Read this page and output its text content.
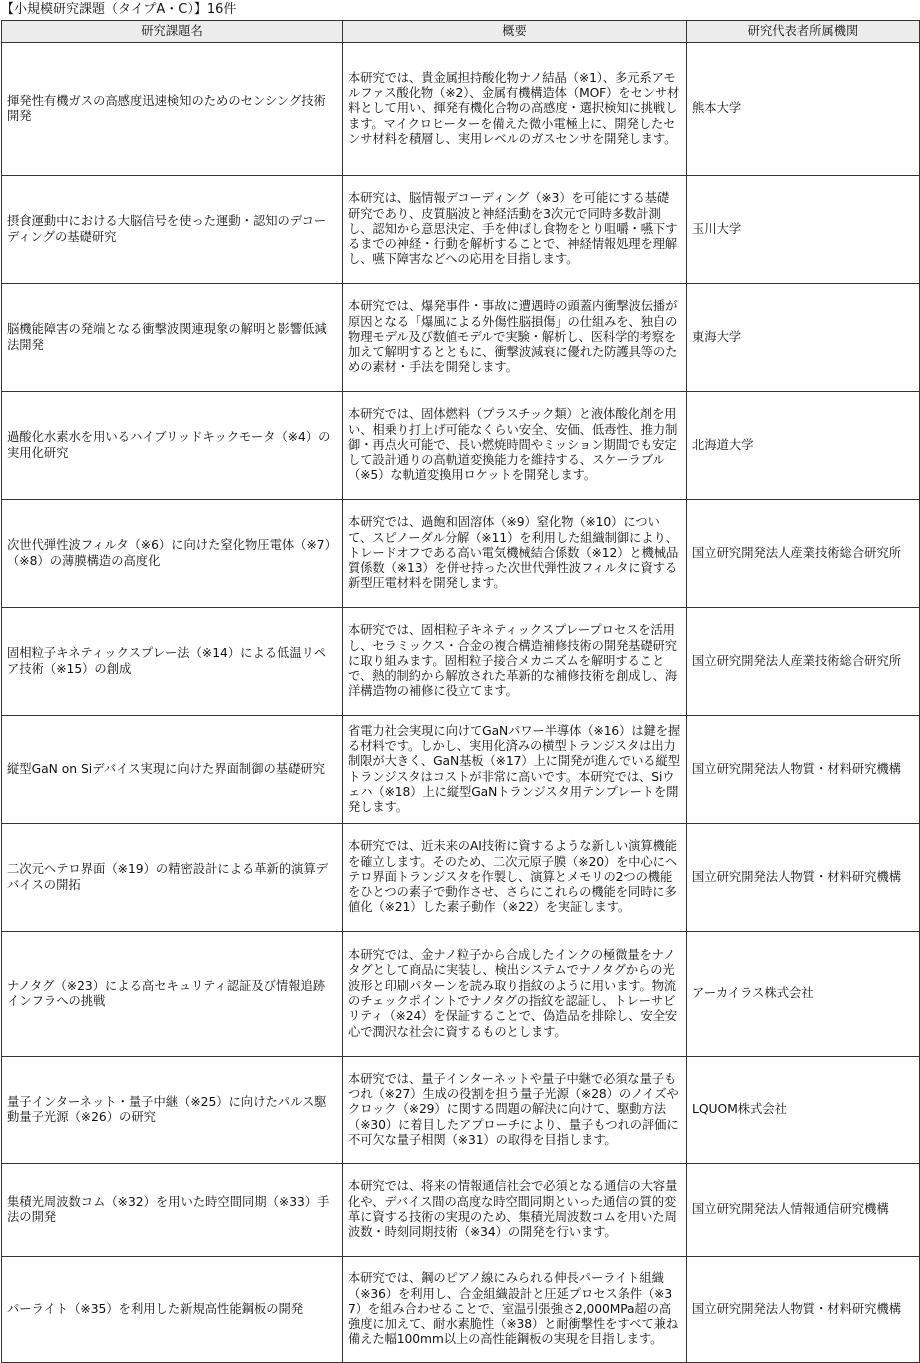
【小規模研究課題（タイプA・C）】16件
研究課題名	概要	研究代表者所属機関
揮発性有機ガスの高感度迅速検知のためのセンシング技術開発	本研究では、貴金属担持酸化物ナノ結晶（※1）、多元系アモルファス酸化物（※2）、金属有機構造体（MOF）をセンサ材料として用い、揮発有機化合物の高感度・選択検知に挑戦します。マイクロヒーターを備えた微小電極上に、開発したセンサ材料を積層し、実用レベルのガスセンサを開発します。	熊本大学
摂食運動中における大脳信号を使った運動・認知のデコーディングの基礎研究	本研究は、脳情報デコーディング（※3）を可能にする基礎研究であり、皮質脳波と神経活動を3次元で同時多数計測し、認知から意思決定、手を伸ばし食物をとり咀嚼・嚥下するまでの神経・行動を解析することで、神経情報処理を理解し、嚥下障害などへの応用を目指します。	玉川大学
脳機能障害の発端となる衝撃波関連現象の解明と影響低減法開発	本研究では、爆発事件・事故に遭遇時の頭蓋内衝撃波伝播が原因となる「爆風による外傷性脳損傷」の仕組みを、独自の物理モデル及び数値モデルで実験・解析し、医科学的考察を加えて解明するとともに、衝撃波減衰に優れた防護具等のための素材・手法を開発します。	東海大学
過酸化水素水を用いるハイブリッドキックモータ（※4）の実用化研究	本研究では、固体燃料（プラスチック類）と液体酸化剤を用い、相乗り打上げ可能なくらい安全、安価、低毒性、推力制御・再点火可能で、長い燃焼時間やミッション期間でも安定して設計通りの高軌道変換能力を維持する、スケーラブル（※5）な軌道変換用ロケットを開発します。	北海道大学
次世代弾性波フィルタ（※6）に向けた窒化物圧電体（※7）（※8）の薄膜構造の高度化	本研究では、過飽和固溶体（※9）窒化物（※10）について、スピノーダル分解（※11）を利用した組織制御により、トレードオフである高い電気機械結合係数（※12）と機械品質係数（※13）を併せ持った次世代弾性波フィルタに資する新型圧電材料を開発します。	国立研究開発法人産業技術総合研究所
固相粒子キネティックスプレー法（※14）による低温リペア技術（※15）の創成	本研究では、固相粒子キネティックスプレープロセスを活用し、セラミックス・合金の複合構造補修技術の開発基礎研究に取り組みます。固相粒子接合メカニズムを解明することで、熱的制約から解放された革新的な補修技術を創成し、海洋構造物の補修に役立てます。	国立研究開発法人産業技術総合研究所
縦型GaN on Siデバイス実現に向けた界面制御の基礎研究	省電力社会実現に向けてGaNパワー半導体（※16）は鍵を握る材料です。しかし、実用化済みの横型トランジスタは出力制限が大きく、GaN基板（※17）上に開発が進んでいる縦型トランジスタはコストが非常に高いです。本研究では、Siウェハ（※18）上に縦型GaNトランジスタ用テンプレートを開発します。	国立研究開発法人物質・材料研究機構
二次元ヘテロ界面（※19）の精密設計による革新的演算デバイスの開拓	本研究では、近未来のAI技術に資するような新しい演算機能を確立します。そのため、二次元原子膜（※20）を中心にヘテロ界面トランジスタを作製し、演算とメモリの2つの機能をひとつの素子で動作させ、さらにこれらの機能を同時に多値化（※21）した素子動作（※22）を実証します。	国立研究開発法人物質・材料研究機構
ナノタグ（※23）による高セキュリティ認証及び情報追跡インフラへの挑戦	本研究では、金ナノ粒子から合成したインクの極微量をナノタグとして商品に実装し、検出システムでナノタグからの光波形と印刷パターンを読み取り指紋のように用います。物流のチェックポイントでナノタグの指紋を認証し、トレーサビリティ（※24）を保証することで、偽造品を排除し、安全安心で潤沢な社会に資するものとします。	アーカイラス株式会社
量子インターネット・量子中継（※25）に向けたパルス駆動量子光源（※26）の研究	本研究では、量子インターネットや量子中継で必須な量子もつれ（※27）生成の役割を担う量子光源（※28）のノイズやクロック（※29）に関する問題の解決に向けて、駆動方法（※30）に着目したアプローチにより、量子もつれの評価に不可欠な量子相関（※31）の取得を目指します。	LQUOM株式会社
集積光周波数コム（※32）を用いた時空間同期（※33）手法の開発	本研究では、将来の情報通信社会で必須となる通信の大容量化や、デバイス間の高度な時空間同期といった通信の質的変革に資する技術の実現のため、集積光周波数コムを用いた周波数・時刻同期技術（※34）の開発を行います。	国立研究開発法人情報通信研究機構
パーライト（※35）を利用した新規高性能鋼板の開発	本研究では、鋼のピアノ線にみられる伸長パーライト組織（※36）を利用し、合金組織設計と圧延プロセス条件（※37）を組み合わせることで、室温引張強さ2,000MPa超の高強度に加えて、耐水素脆性（※38）と耐衝撃性をすべて兼ね備えた幅100mm以上の高性能鋼板の実現を目指します。	国立研究開発法人物質・材料研究機構
